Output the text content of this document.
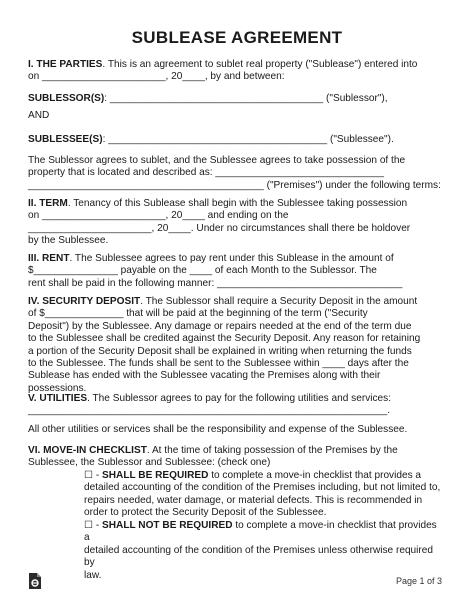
SUBLEASE AGREEMENT
I. THE PARTIES. This is an agreement to sublet real property ("Sublease") entered into
on ______________________, 20____, by and between:
SUBLESSOR(S): ______________________________________ ("Sublessor"),
AND
SUBLESSEE(S): _______________________________________ ("Sublessee").
The Sublessor agrees to sublet, and the Sublessee agrees to take possession of the
property that is located and described as: ______________________________
__________________________________________ ("Premises") under the following terms:
II. TERM. Tenancy of this Sublease shall begin with the Sublessee taking possession
on ______________________, 20____ and ending on the
______________________, 20____. Under no circumstances shall there be holdover
by the Sublessee.
III. RENT. The Sublessee agrees to pay rent under this Sublease in the amount of
$_______________ payable on the ____ of each Month to the Sublessor. The
rent shall be paid in the following manner: _________________________________
IV. SECURITY DEPOSIT. The Sublessor shall require a Security Deposit in the amount
of $______________ that will be paid at the beginning of the term ("Security
Deposit") by the Sublessee. Any damage or repairs needed at the end of the term due
to the Sublessee shall be credited against the Security Deposit. Any reason for retaining
a portion of the Security Deposit shall be explained in writing when returning the funds
to the Sublessee. The funds shall be sent to the Sublessee within ____ days after the
Sublease has ended with the Sublessee vacating the Premises along with their
possessions.
V. UTILITIES. The Sublessor agrees to pay for the following utilities and services:
________________________________________________________________.
All other utilities or services shall be the responsibility and expense of the Sublessee.
VI. MOVE-IN CHECKLIST. At the time of taking possession of the Premises by the
Sublessee, the Sublessor and Sublessee: (check one)
☐ - SHALL BE REQUIRED to complete a move-in checklist that provides a
detailed accounting of the condition of the Premises including, but not limited to,
repairs needed, water damage, or material defects. This is recommended in
order to protect the Security Deposit of the Sublessee.
☐ - SHALL NOT BE REQUIRED to complete a move-in checklist that provides a
detailed accounting of the condition of the Premises unless otherwise required by
law.
Page 1 of 3
